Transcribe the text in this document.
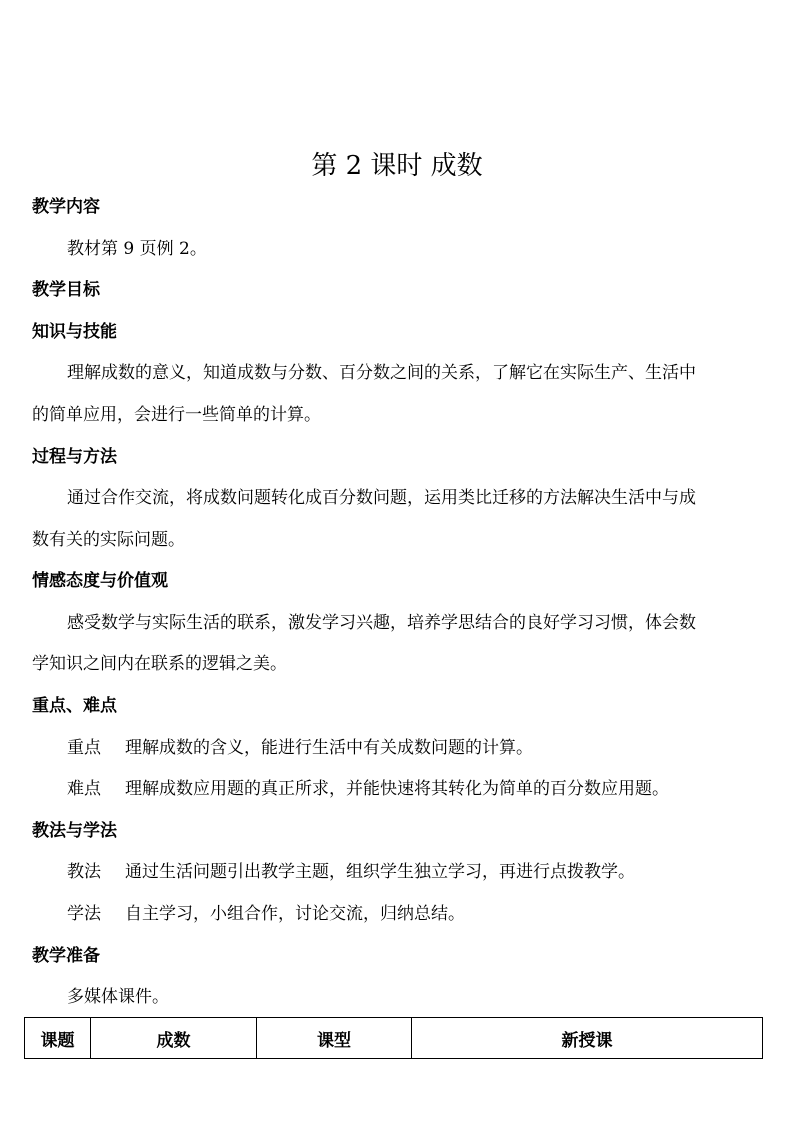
第 2 课时 成数
教学内容
教材第 9 页例 2。
教学目标
知识与技能
理解成数的意义，知道成数与分数、百分数之间的关系，了解它在实际生产、生活中
的简单应用，会进行一些简单的计算。
过程与方法
通过合作交流，将成数问题转化成百分数问题，运用类比迁移的方法解决生活中与成
数有关的实际问题。
情感态度与价值观
感受数学与实际生活的联系，激发学习兴趣，培养学思结合的良好学习习惯，体会数
学知识之间内在联系的逻辑之美。
重点、难点
重点 理解成数的含义，能进行生活中有关成数问题的计算。
难点 理解成数应用题的真正所求，并能快速将其转化为简单的百分数应用题。
教法与学法
教法 通过生活问题引出教学主题，组织学生独立学习，再进行点拨教学。
学法 自主学习，小组合作，讨论交流，归纳总结。
教学准备
多媒体课件。
课题	成数	课型	新授课
